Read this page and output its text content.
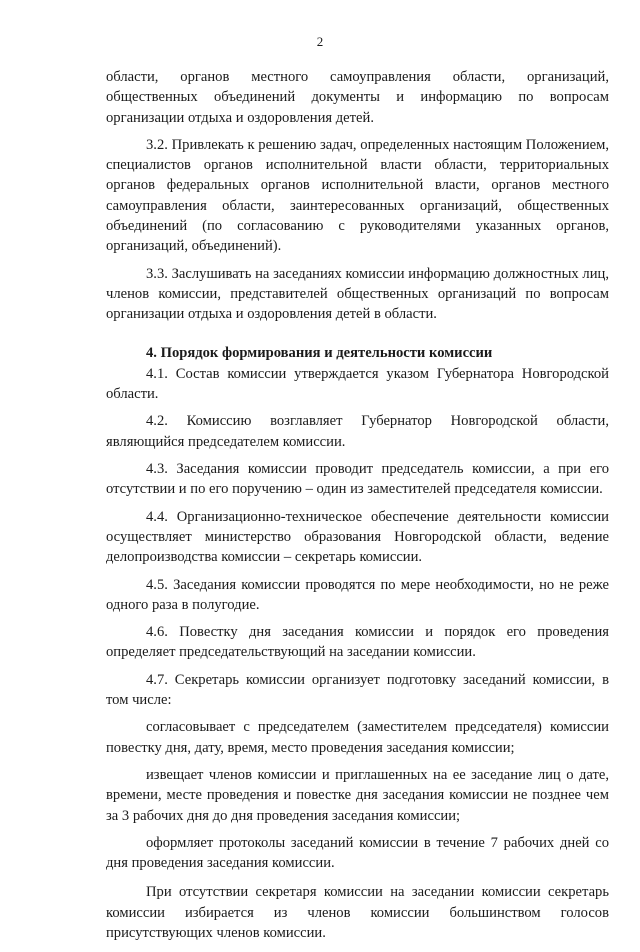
2

области, органов местного самоуправления области, организаций, общественных объединений документы и информацию по вопросам организации отдыха и оздоровления детей.

3.2. Привлекать к решению задач, определенных настоящим Положением, специалистов органов исполнительной власти области, территориальных органов федеральных органов исполнительной власти, органов местного самоуправления области, заинтересованных организаций, общественных объединений (по согласованию с руководителями указанных органов, организаций, объединений).

3.3. Заслушивать на заседаниях комиссии информацию должностных лиц, членов комиссии, представителей общественных организаций по вопросам организации отдыха и оздоровления детей в области.

4. Порядок формирования и деятельности комиссии

4.1. Состав комиссии утверждается указом Губернатора Новгородской области.

4.2. Комиссию возглавляет Губернатор Новгородской области, являющийся председателем комиссии.

4.3. Заседания комиссии проводит председатель комиссии, а при его отсутствии и по его поручению – один из заместителей председателя комиссии.

4.4. Организационно-техническое обеспечение деятельности комиссии осуществляет министерство образования Новгородской области, ведение делопроизводства комиссии – секретарь комиссии.

4.5. Заседания комиссии проводятся по мере необходимости, но не реже одного раза в полугодие.

4.6. Повестку дня заседания комиссии и порядок его проведения определяет председательствующий на заседании комиссии.

4.7. Секретарь комиссии организует подготовку заседаний комиссии, в том числе:

согласовывает с председателем (заместителем председателя) комиссии повестку дня, дату, время, место проведения заседания комиссии;

извещает членов комиссии и приглашенных на ее заседание лиц о дате, времени, месте проведения и повестке дня заседания комиссии не позднее чем за 3 рабочих дня до дня проведения заседания комиссии;

оформляет протоколы заседаний комиссии в течение 7 рабочих дней со дня проведения заседания комиссии.

При отсутствии секретаря комиссии на заседании комиссии секретарь комиссии избирается из членов комиссии большинством голосов присутствующих членов комиссии.
